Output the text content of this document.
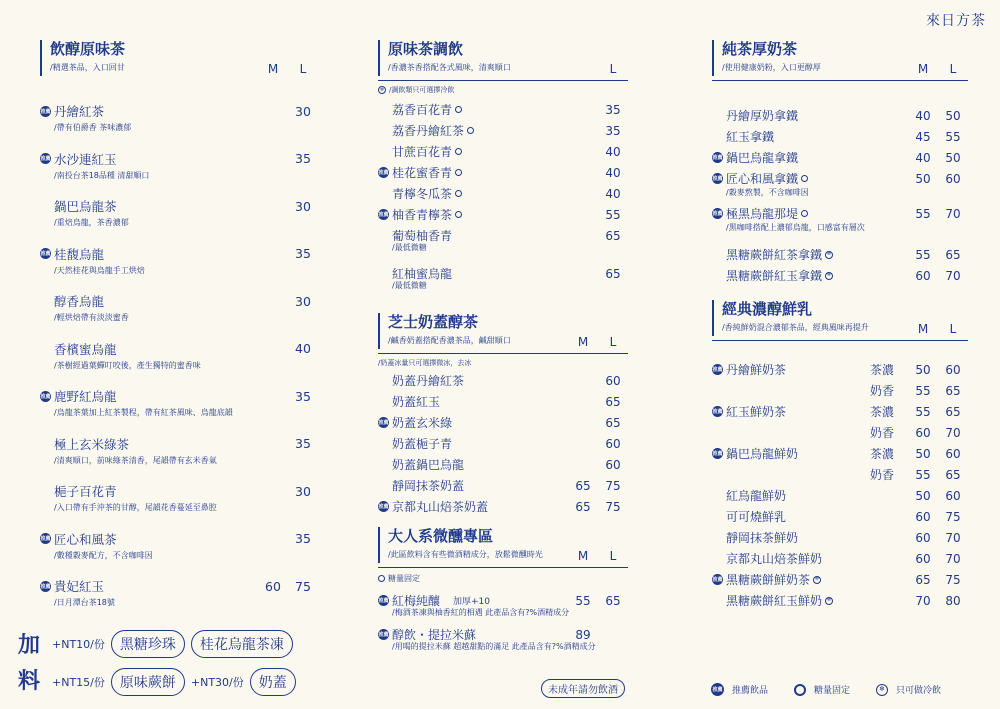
來日方茶
飲醇原味茶
/精選茶品，入口回甘	M L
推薦 丹繪紅茶	30
/帶有伯爵香 茶味濃郁
推薦 水沙連紅玉	35
/南投台茶18品種 清甜順口
鍋巴烏龍茶	30
/重焙烏龍，茶香濃郁
推薦 桂馥烏龍	35
/天然桂花與烏龍手工烘焙
醇香烏龍	30
/輕烘焙帶有淡淡蜜香
香檳蜜烏龍	40
/茶樹經過葉蟬叮咬後，產生獨特的蜜香味
推薦 鹿野紅烏龍	35
/烏龍茶葉加上紅茶製程，帶有紅茶風味、烏龍底韻
極上玄米綠茶	35
/清爽順口，前味綠茶清香，尾韻帶有玄米香氣
梔子百花青	30
/入口帶有手沖茶的甘醇，尾韻花香蔓延至鼻腔
推薦 匠心和風茶	35
/數種穀麥配方，不含咖啡因
推薦 貴妃紅玉	60	75
/日月潭台茶18號
加
料
+NT10/份	黑糖珍珠	桂花烏龍茶凍
+NT15/份	原味蕨餅	+NT30/份	奶蓋
原味茶調飲
/香濃茶香搭配各式風味，清爽順口	L
❄ /調飲類只可選擇冷飲
荔香百花青	35
荔香丹繪紅茶	35
甘蔗百花青	40
推薦 桂花蜜香青	40
青檸冬瓜茶	40
推薦 柚香青檸茶	55
葡萄柚香青	65
/最低微糖
紅柚蜜烏龍	65
/最低微糖
芝士奶蓋醇茶
/鹹香奶蓋搭配香濃茶品，鹹甜順口	M L
/奶蓋冰量只可選擇微冰，去冰
奶蓋丹繪紅茶	60
奶蓋紅玉	65
推薦 奶蓋玄米綠	65
奶蓋梔子青	60
奶蓋鍋巴烏龍	60
靜岡抹茶奶蓋	65	75
推薦 京都丸山焙茶奶蓋	65	75
大人系微醺專區
/此區飲料含有些微酒精成分，放鬆微醺時光	M L
糖量固定
推薦 紅梅純釀 加厚+10	55	65
/梅酒茶凍與柚香紅的相遇 此產品含有?%酒精成分
推薦 醇飲・提拉米蘇	89
/用喝的提拉米蘇 超越甜點的滿足 此產品含有?%酒精成分
未成年請勿飲酒
純茶厚奶茶
/使用健康奶粉，入口更醇厚	M L
丹繪厚奶拿鐵	40	50
紅玉拿鐵	45	55
推薦 鍋巴烏龍拿鐵	40	50
推薦 匠心和風拿鐵	50	60
/穀麥熬製，不含咖啡因
推薦 極黑烏龍那堤	55	70
/黑咖啡搭配上濃郁烏龍，口感富有層次
黑糖蕨餅紅茶拿鐵 ❄	55	65
黑糖蕨餅紅玉拿鐵 ❄	60	70
經典濃醇鮮乳
/香純鮮奶混合濃郁茶品，經典風味再提升	M L
推薦 丹繪鮮奶茶	茶濃	50	60
奶香	55	65
推薦 紅玉鮮奶茶	茶濃	55	65
奶香	60	70
推薦 鍋巴烏龍鮮奶	茶濃	50	60
奶香	55	65
紅烏龍鮮奶	50	60
可可燒鮮乳	60	75
靜岡抹茶鮮奶	60	70
京都丸山焙茶鮮奶	60	70
推薦 黑糖蕨餅鮮奶茶 ❄	65	75
黑糖蕨餅紅玉鮮奶 ❄	70	80
推薦 推薦飲品	糖量固定	❄	只可做冷飲
